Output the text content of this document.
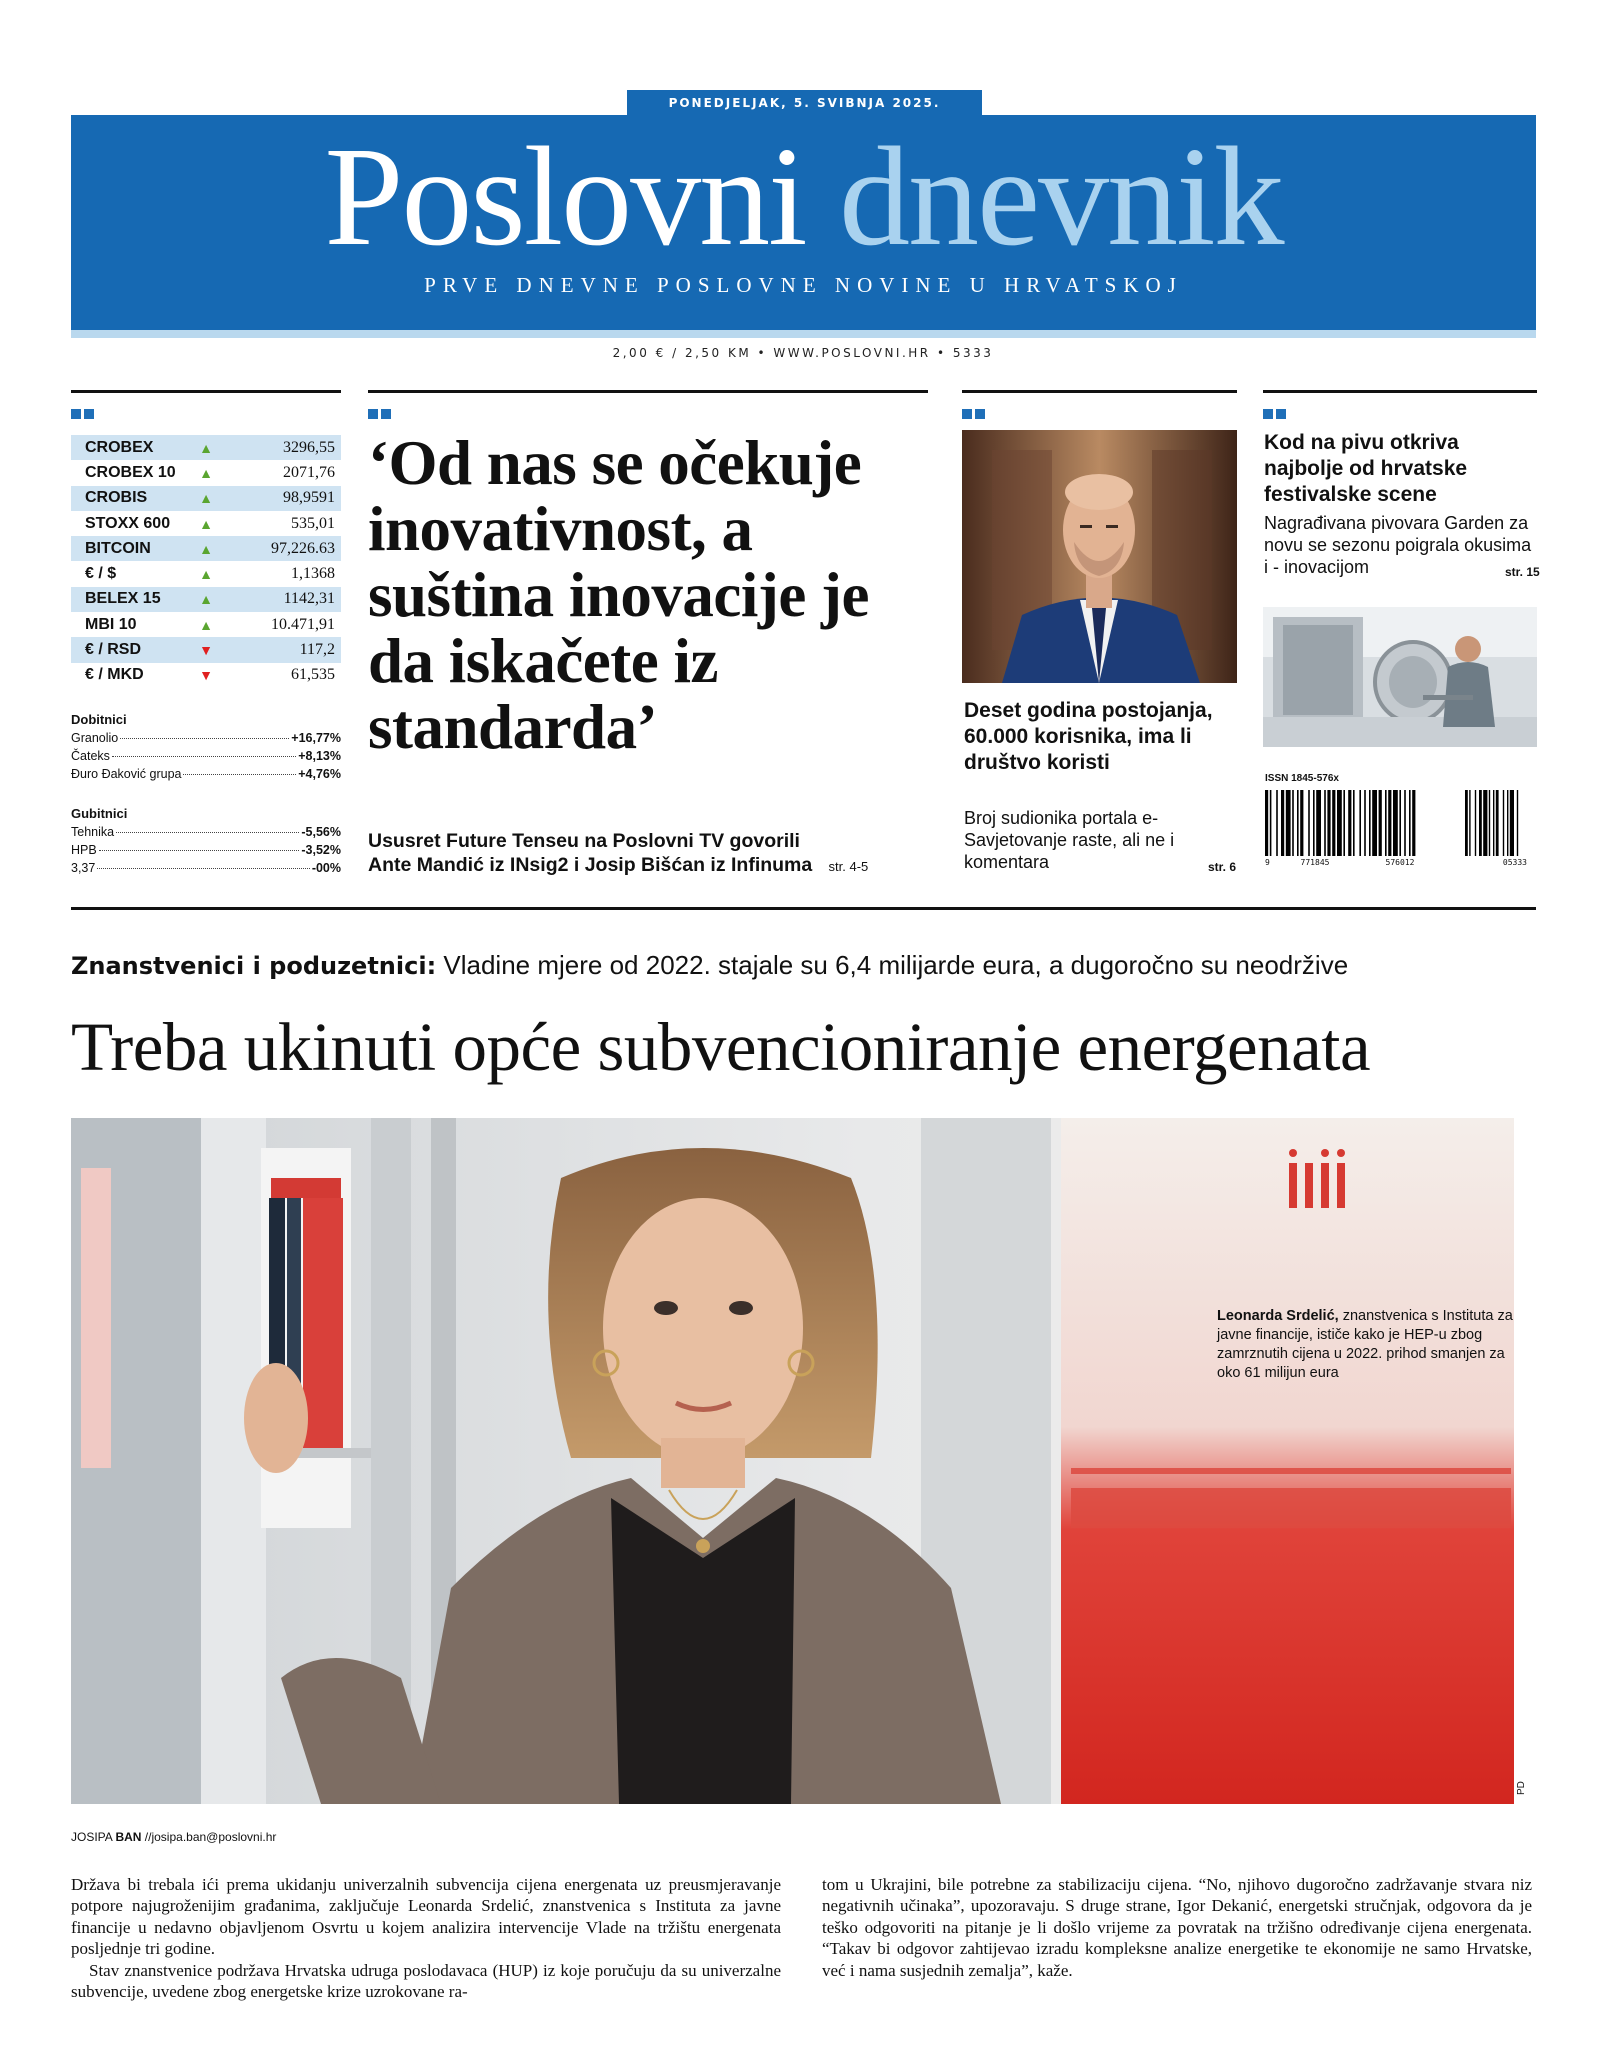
PONEDJELJAK, 5. SVIBNJA 2025.
Poslovni dnevnik
PRVE DNEVNE POSLOVNE NOVINE U HRVATSKOJ
2,00 € / 2,50 KM • WWW.POSLOVNI.HR • 5333
CROBEX	▲	3296,55
CROBEX 10	▲	2071,76
CROBIS	▲	98,9591
STOXX 600	▲	535,01
BITCOIN	▲	97,226.63
€ / $	▲	1,1368
BELEX 15	▲	1142,31
MBI 10	▲	10.471,91
€ / RSD	▼	117,2
€ / MKD	▼	61,535
Dobitnici
Granolio	+16,77%
Čateks	+8,13%
Đuro Đaković grupa	+4,76%
Gubitnici
Tehnika	-5,56%
HPB	-3,52%
3,37	-00%
‘Od nas se očekuje inovativnost, a suština inovacije je da iskačete iz standarda’
Ususret Future Tenseu na Poslovni TV govorili
Ante Mandić iz INsig2 i Josip Bišćan iz Infinuma str. 4-5
Deset godina postojanja, 60.000 korisnika, ima li društvo koristi
Broj sudionika portala e-Savjetovanje raste, ali ne i komentara	str. 6
Kod na pivu otkriva najbolje od hrvatske festivalske scene
Nagrađivana pivovara Garden za novu se sezonu poigrala okusima i - inovacijom	str. 15
ISSN 1845-576x
9	771845	576012	05333
Znanstvenici i poduzetnici: Vladine mjere od 2022. stajale su 6,4 milijarde eura, a dugoročno su neodržive
Treba ukinuti opće subvencioniranje energenata
Leonarda Srdelić, znanstvenica s Instituta za javne financije, ističe kako je HEP-u zbog zamrznutih cijena u 2022. prihod smanjen za oko 61 milijun eura
PD
JOSIPA BAN //josipa.ban@poslovni.hr

Država bi trebala ići prema ukidanju univerzalnih subvencija cijena energenata uz preusmjeravanje potpore najugroženijim građanima, zaključuje Leonarda Srdelić, znanstvenica s Instituta za javne financije u nedavno objavljenom Osvrtu u kojem analizira intervencije Vlade na tržištu energenata posljednje tri godine.

Stav znanstvenice podržava Hrvatska udruga poslodavaca (HUP) iz koje poručuju da su univerzalne subvencije, uvedene zbog energetske krize uzrokovane ra-

tom u Ukrajini, bile potrebne za stabilizaciju cijena. “No, njihovo dugoročno zadržavanje stvara niz negativnih učinaka”, upozoravaju. S druge strane, Igor Dekanić, energetski stručnjak, odgovora da je teško odgovoriti na pitanje je li došlo vrijeme za povratak na tržišno određivanje cijena energenata. “Takav bi odgovor zahtijevao izradu kompleksne analize energetike te ekonomije ne samo Hrvatske, već i nama susjednih zemalja”, kaže.
